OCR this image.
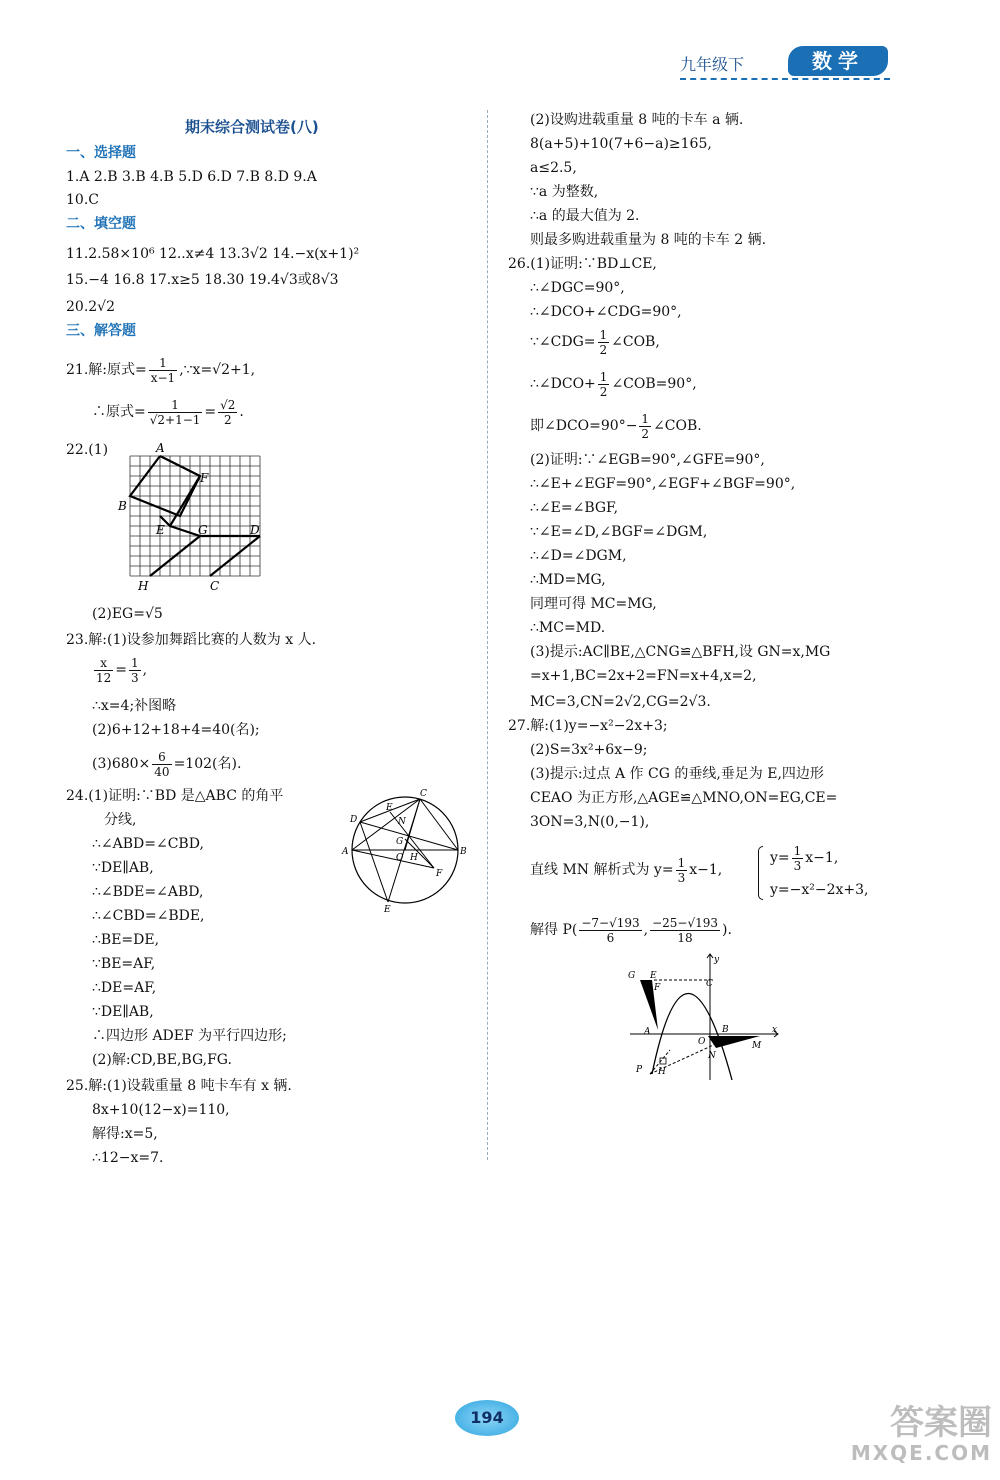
九年级下	数学
期末综合测试卷(八)
一、选择题
1.A 2.B 3.B 4.B 5.D 6.D 7.B 8.D 9.A
10.C
二、填空题
11.2.58×10⁶ 12..x≠4 13.3√2 14.−x(x+1)²
15.−4 16.8 17.x≥5 18.30 19.4√3或8√3
20.2√2
三、解答题
21.解:原式= $\frac{1}{x-1}$ ,∵x=√2+1,
∴原式= $\frac{1}{√2+1-1} = \frac{√2}{2}$ .
22.(1)	A
F
B
E	G	D
H	C
(2)EG=√5
23.解:(1)设参加舞蹈比赛的人数为 x 人.
$\frac{x}{12} = \frac{1}{3}$ ,
∴x=4;补图略
(2)6+12+18+4=40(名);
$(3)680\times \frac{6}{40} =102$(名).
24.(1)证明:∵BD 是△ABC 的角平
分线,
∴∠ABD=∠CBD,
∵DE∥AB,
∴∠BDE=∠ABD,
∴∠CBD=∠BDE,
∴BE=DE,
∵BE=AF,
∴DE=AF,
∵DE∥AB,
∴四边形 ADEF 为平行四边形;
(2)解:CD,BE,BG,FG.
C
D
E
N
G
A
O H
B
F
E
25.解:(1)设载重量 8 吨卡车有 x 辆.
8x+10(12−x)=110,
解得:x=5,
∴12−x=7.
(2)设购进载重量 8 吨的卡车 a 辆.
8(a+5)+10(7+6−a)≥165,
a≤2.5,
∵a 为整数,
∴a 的最大值为 2.
则最多购进载重量为 8 吨的卡车 2 辆.
26.(1)证明:∵BD⊥CE,
∴∠DGC=90°,
∴∠DCO+∠CDG=90°,
∵∠CDG= $\frac{1}{2}$ ∠COB,
∴∠DCO+ $\frac{1}{2}$ ∠COB=90°,
即∠DCO=90°− $\frac{1}{2}$ ∠COB.
(2)证明:∵∠EGB=90°,∠GFE=90°,
∴∠E+∠EGF=90°,∠EGF+∠BGF=90°,
∴∠E=∠BGF,
∵∠E=∠D,∠BGF=∠DGM,
∴∠D=∠DGM,
∴MD=MG,
同理可得 MC=MG,
∴MC=MD.
(3)提示:AC∥BE,△CNG≌△BFH,设 GN=x,MG
=x+1,BC=2x+2=FN=x+4,x=2,
MC=3,CN=2√2,CG=2√3.
27.解:(1)y=−x²−2x+3;
(2)S=3x²+6x−9;
(3)提示:过点 A 作 CG 的垂线,垂足为 E,四边形
CEAO 为正方形,△AGE≌△MNO,ON=EG,CE=
3ON=3,N(0,−1),
直线 MN 解析式为 $y= \frac{1}{3} x-1$,
$y= \frac{1}{3} x-1$,
y=−x²−2x+3,
解得 $P( \frac{-7-√193}{6}$ , $\frac{-25-√193}{18}$ ).
G E
y
F	C
A	B
O
N
M
x
P H
194	答案圈
MXQE.COM
